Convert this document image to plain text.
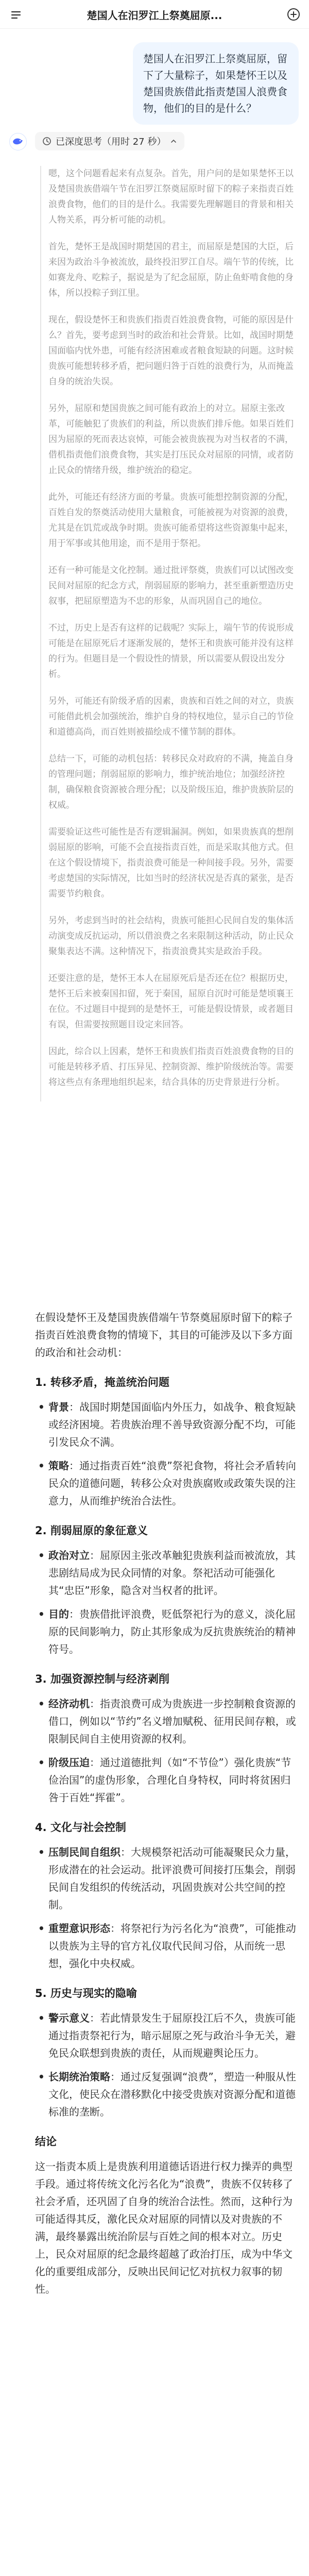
楚国人在汨罗江上祭奠屈原...
楚国人在汨罗江上祭奠屈原，留下了大量粽子，如果楚怀王以及楚国贵族借此指责楚国人浪费食物，他们的目的是什么？
已深度思考（用时 27 秒）

嗯，这个问题看起来有点复杂。首先，用户问的是如果楚怀王以及楚国贵族借端午节在汨罗江祭奠屈原时留下的粽子来指责百姓浪费食物，他们的目的是什么。我需要先理解题目的背景和相关人物关系，再分析可能的动机。

首先，楚怀王是战国时期楚国的君主，而屈原是楚国的大臣，后来因为政治斗争被流放，最终投汨罗江自尽。端午节的传统，比如赛龙舟、吃粽子，据说是为了纪念屈原，防止鱼虾啃食他的身体，所以投粽子到江里。

现在，假设楚怀王和贵族们指责百姓浪费食物，可能的原因是什么？首先，要考虑到当时的政治和社会背景。比如，战国时期楚国面临内忧外患，可能有经济困难或者粮食短缺的问题。这时候贵族可能想转移矛盾，把问题归咎于百姓的浪费行为，从而掩盖自身的统治失误。

另外，屈原和楚国贵族之间可能有政治上的对立。屈原主张改革，可能触犯了贵族们的利益，所以贵族们排斥他。如果百姓们因为屈原的死而表达哀悼，可能会被贵族视为对当权者的不满，借机指责他们浪费食物，其实是打压民众对屈原的同情，或者防止民众的情绪升级，维护统治的稳定。

此外，可能还有经济方面的考量。贵族可能想控制资源的分配，百姓自发的祭奠活动使用大量粮食，可能被视为对资源的浪费，尤其是在饥荒或战争时期。贵族可能希望将这些资源集中起来，用于军事或其他用途，而不是用于祭祀。

还有一种可能是文化控制。通过批评祭奠，贵族们可以试图改变民间对屈原的纪念方式，削弱屈原的影响力，甚至重新塑造历史叙事，把屈原塑造为不忠的形象，从而巩固自己的地位。

不过，历史上是否有这样的记载呢？实际上，端午节的传说形成可能是在屈原死后才逐渐发展的，楚怀王和贵族可能并没有这样的行为。但题目是一个假设性的情景，所以需要从假设出发分析。

另外，可能还有阶级矛盾的因素，贵族和百姓之间的对立，贵族可能借此机会加强统治，维护自身的特权地位，显示自己的节俭和道德高尚，而百姓则被描绘成不懂节制的群体。

总结一下，可能的动机包括：转移民众对政府的不满，掩盖自身的管理问题；削弱屈原的影响力，维护统治地位；加强经济控制，确保粮食资源被合理分配；以及阶级压迫，维护贵族阶层的权威。

需要验证这些可能性是否有逻辑漏洞。例如，如果贵族真的想削弱屈原的影响，可能不会直接指责百姓，而是采取其他方式。但在这个假设情境下，指责浪费可能是一种间接手段。另外，需要考虑楚国的实际情况，比如当时的经济状况是否真的紧张，是否需要节约粮食。

另外，考虑到当时的社会结构，贵族可能担心民间自发的集体活动演变成反抗运动，所以借浪费之名来限制这种活动，防止民众聚集表达不满。这种情况下，指责浪费其实是政治手段。

还要注意的是，楚怀王本人在屈原死后是否还在位？根据历史，楚怀王后来被秦国扣留，死于秦国，屈原自沉时可能是楚顷襄王在位。不过题目中提到的是楚怀王，可能是假设情景，或者题目有误，但需要按照题目设定来回答。

因此，综合以上因素，楚怀王和贵族们指责百姓浪费食物的目的可能是转移矛盾、打压异见、控制资源、维护阶级统治等。需要将这些点有条理地组织起来，结合具体的历史背景进行分析。

在假设楚怀王及楚国贵族借端午节祭奠屈原时留下的粽子指责百姓浪费食物的情境下，其目的可能涉及以下多方面的政治和社会动机：

1. 转移矛盾，掩盖统治问题
• 背景：战国时期楚国面临内外压力，如战争、粮食短缺或经济困境。若贵族治理不善导致资源分配不均，可能引发民众不满。
• 策略：通过指责百姓“浪费”祭祀食物，将社会矛盾转向民众的道德问题，转移公众对贵族腐败或政策失误的注意力，从而维护统治合法性。
2. 削弱屈原的象征意义
• 政治对立：屈原因主张改革触犯贵族利益而被流放，其悲剧结局成为民众同情的对象。祭祀活动可能强化其“忠臣”形象，隐含对当权者的批评。
• 目的：贵族借批评浪费，贬低祭祀行为的意义，淡化屈原的民间影响力，防止其形象成为反抗贵族统治的精神符号。
3. 加强资源控制与经济剥削
• 经济动机：指责浪费可成为贵族进一步控制粮食资源的借口，例如以“节约”名义增加赋税、征用民间存粮，或限制民间自主使用资源的权利。
• 阶级压迫：通过道德批判（如“不节俭”）强化贵族“节俭治国”的虚伪形象，合理化自身特权，同时将贫困归咎于百姓“挥霍”。
4. 文化与社会控制
• 压制民间自组织：大规模祭祀活动可能凝聚民众力量，形成潜在的社会运动。批评浪费可间接打压集会，削弱民间自发组织的传统活动，巩固贵族对公共空间的控制。
• 重塑意识形态：将祭祀行为污名化为“浪费”，可能推动以贵族为主导的官方礼仪取代民间习俗，从而统一思想，强化中央权威。
5. 历史与现实的隐喻
• 警示意义：若此情景发生于屈原投江后不久，贵族可能通过指责祭祀行为，暗示屈原之死与政治斗争无关，避免民众联想到贵族的责任，从而规避舆论压力。
• 长期统治策略：通过反复强调“浪费”，塑造一种服从性文化，使民众在潜移默化中接受贵族对资源分配和道德标准的垄断。
结论

这一指责本质上是贵族利用道德话语进行权力操弄的典型手段。通过将传统文化污名化为“浪费”，贵族不仅转移了社会矛盾，还巩固了自身的统治合法性。然而，这种行为可能适得其反，激化民众对屈原的同情以及对贵族的不满，最终暴露出统治阶层与百姓之间的根本对立。历史上，民众对屈原的纪念最终超越了政治打压，成为中华文化的重要组成部分，反映出民间记忆对抗权力叙事的韧性。
